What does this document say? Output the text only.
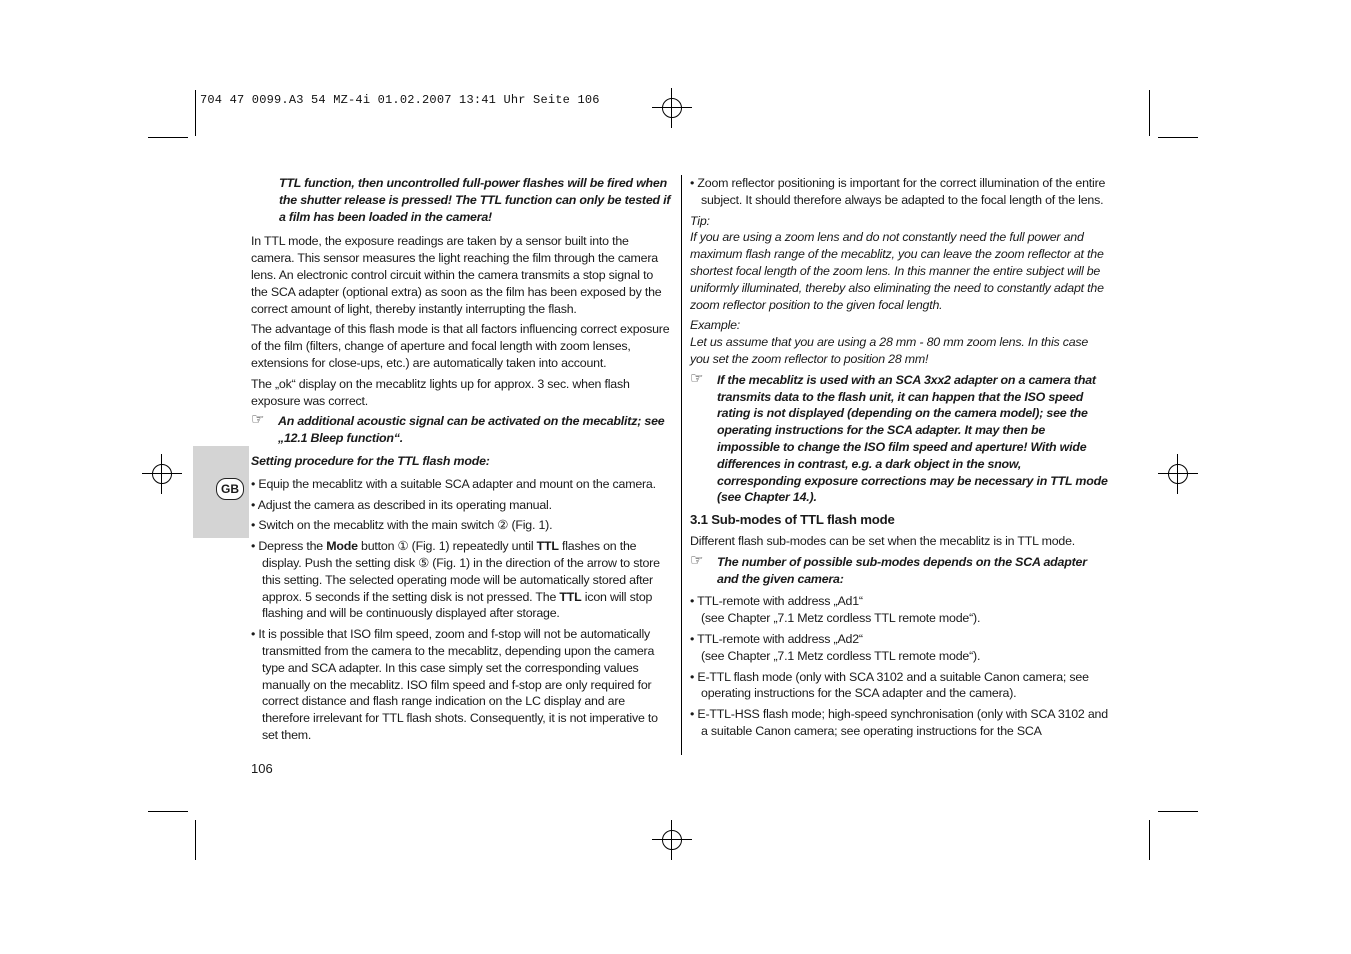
704 47 0099.A3 54 MZ-4i 01.02.2007 13:41 Uhr Seite 106
GB

TTL function, then uncontrolled full-power flashes will be fired when the shutter release is pressed! The TTL function can only be tested if a film has been loaded in the camera!

In TTL mode, the exposure readings are taken by a sensor built into the camera. This sensor measures the light reaching the film through the camera lens. An electronic control circuit within the camera transmits a stop signal to the SCA adapter (optional extra) as soon as the film has been exposed by the correct amount of light, thereby instantly interrupting the flash.

The advantage of this flash mode is that all factors influencing correct exposure of the film (filters, change of aperture and focal length with zoom lenses, extensions for close-ups, etc.) are automatically taken into account.

The „ok“ display on the mecablitz lights up for approx. 3 sec. when flash exposure was correct.

☞ An additional acoustic signal can be activated on the mecablitz; see „12.1 Bleep function“.

Setting procedure for the TTL flash mode:

• Equip the mecablitz with a suitable SCA adapter and mount on the camera.

• Adjust the camera as described in its operating manual.

• Switch on the mecablitz with the main switch ② (Fig. 1).

• Depress the Mode button ① (Fig. 1) repeatedly until TTL flashes on the display. Push the setting disk ⑤ (Fig. 1) in the direction of the arrow to store this setting. The selected operating mode will be automatically stored after approx. 5 seconds if the setting disk is not pressed. The TTL icon will stop flashing and will be continuously displayed after storage.

• It is possible that ISO film speed, zoom and f-stop will not be automatically transmitted from the camera to the mecablitz, depending upon the camera type and SCA adapter. In this case simply set the corresponding values manually on the mecablitz. ISO film speed and f-stop are only required for correct distance and flash range indication on the LC display and are therefore irrelevant for TTL flash shots. Consequently, it is not imperative to set them.

106

• Zoom reflector positioning is important for the correct illumination of the entire subject. It should therefore always be adapted to the focal length of the lens.

Tip:

If you are using a zoom lens and do not constantly need the full power and maximum flash range of the mecablitz, you can leave the zoom reflector at the shortest focal length of the zoom lens. In this manner the entire subject will be uniformly illuminated, thereby also eliminating the need to constantly adapt the zoom reflector position to the given focal length.

Example:

Let us assume that you are using a 28 mm - 80 mm zoom lens. In this case you set the zoom reflector to position 28 mm!

☞ If the mecablitz is used with an SCA 3xx2 adapter on a camera that transmits data to the flash unit, it can happen that the ISO speed rating is not displayed (depending on the camera model); see the operating instructions for the SCA adapter. It may then be impossible to change the ISO film speed and aperture! With wide differences in contrast, e.g. a dark object in the snow, corresponding exposure corrections may be necessary in TTL mode (see Chapter 14.).

3.1 Sub-modes of TTL flash mode

Different flash sub-modes can be set when the mecablitz is in TTL mode.

☞ The number of possible sub-modes depends on the SCA adapter and the given camera:

• TTL-remote with address „Ad1“

(see Chapter „7.1 Metz cordless TTL remote mode“).

• TTL-remote with address „Ad2“

(see Chapter „7.1 Metz cordless TTL remote mode“).

• E-TTL flash mode (only with SCA 3102 and a suitable Canon camera; see operating instructions for the SCA adapter and the camera).

• E-TTL-HSS flash mode; high-speed synchronisation (only with SCA 3102 and a suitable Canon camera; see operating instructions for the SCA
